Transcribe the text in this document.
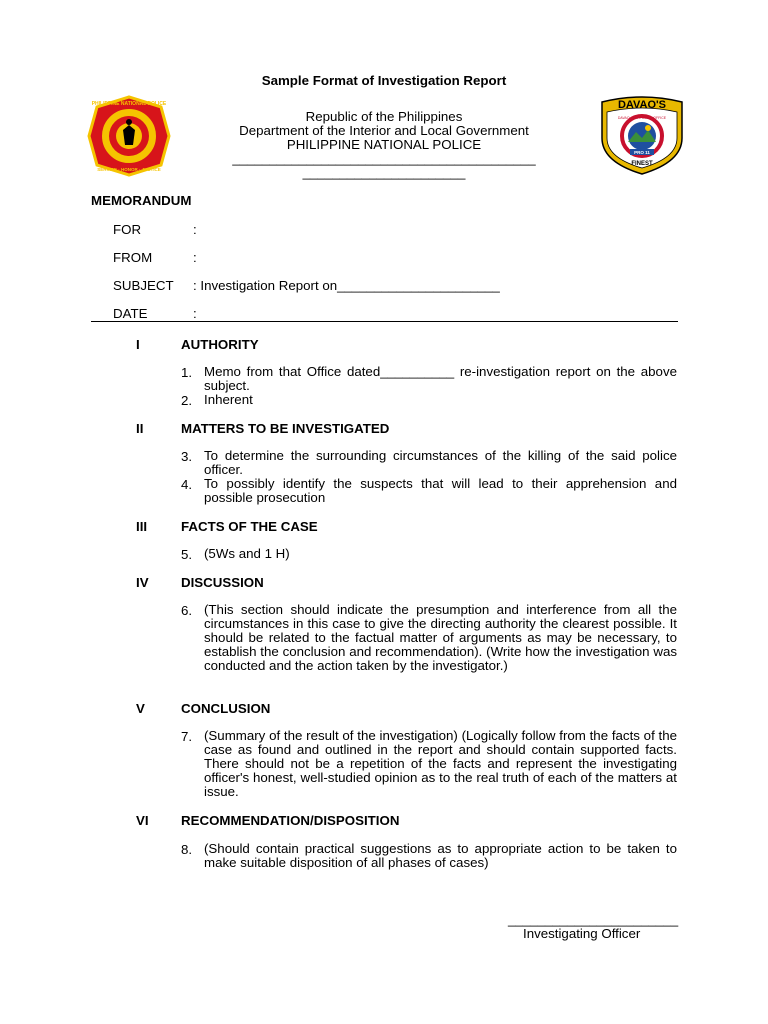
Sample Format of Investigation Report
PHILIPPINE NATIONAL POLICE
SERVICE · HONOR · JUSTICE
PRO 11
DAVAO'S
DAVAO CITY POLICE OFFICE
FINEST
Republic of the Philippines
Department of the Interior and Local Government
PHILIPPINE NATIONAL POLICE
_________________________________________
______________________
MEMORANDUM
FOR	:
FROM	:
SUBJECT : Investigation Report on______________________
DATE	:
I	AUTHORITY
1. Memo from that Office dated__________ re-investigation report on the above subject.
2. Inherent
II	MATTERS TO BE INVESTIGATED
3. To determine the surrounding circumstances of the killing of the said police officer.
4. To possibly identify the suspects that will lead to their apprehension and possible prosecution
III	FACTS OF THE CASE
5. (5Ws and 1 H)
IV DISCUSSION
6. (This section should indicate the presumption and interference from all the circumstances in this case to give the directing authority the clearest possible. It should be related to the factual matter of arguments as may be necessary, to establish the conclusion and recommendation). (Write how the investigation was conducted and the action taken by the investigator.)
V	CONCLUSION
7. (Summary of the result of the investigation) (Logically follow from the facts of the case as found and outlined in the report and should contain supported facts. There should not be a repetition of the facts and represent the investigating officer's honest, well-studied opinion as to the real truth of each of the matters at issue.
VI RECOMMENDATION/DISPOSITION
8. (Should contain practical suggestions as to appropriate action to be taken to make suitable disposition of all phases of cases)
_______________________
Investigating Officer
